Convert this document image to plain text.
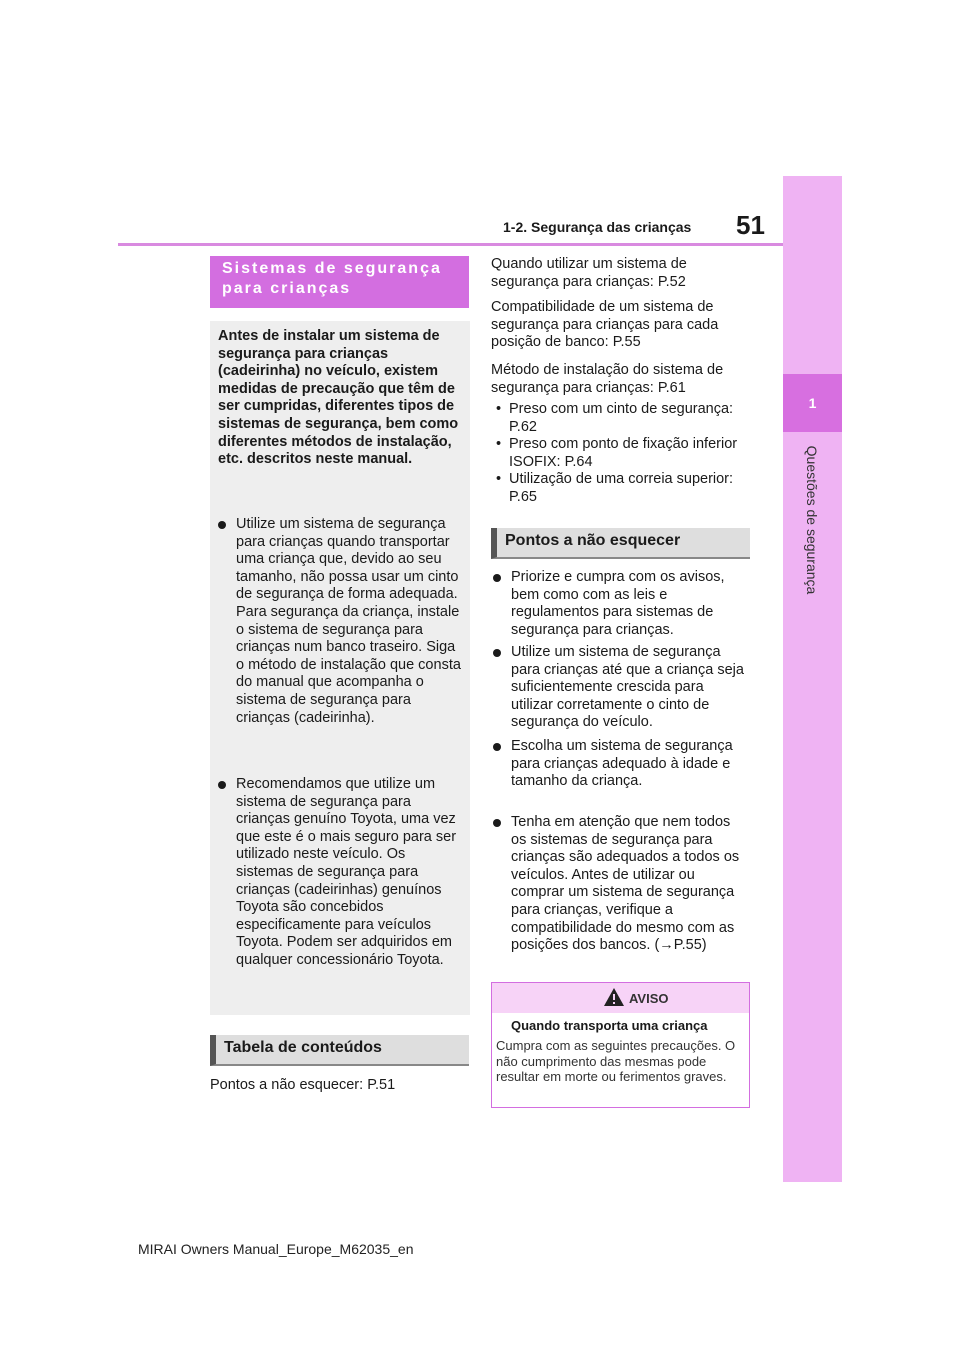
51
1-2. Segurança das crianças
1
Questões de segurança
Sistemas de segurança para crianças
Antes de instalar um sistema de segurança para crianças (cadeirinha) no veículo, existem medidas de precaução que têm de ser cumpridas, diferentes tipos de sistemas de segurança, bem como diferentes métodos de instalação, etc. descritos neste manual.
Utilize um sistema de segurança para crianças quando transportar uma criança que, devido ao seu tamanho, não possa usar um cinto de segurança de forma adequada. Para segurança da criança, instale o sistema de segurança para crianças num banco traseiro. Siga o método de instalação que consta do manual que acompanha o sistema de segurança para crianças (cadeirinha).
Recomendamos que utilize um sistema de segurança para crianças genuíno Toyota, uma vez que este é o mais seguro para ser utilizado neste veículo. Os sistemas de segurança para crianças (cadeirinhas) genuínos Toyota são concebidos especificamente para veículos Toyota. Podem ser adquiridos em qualquer concessionário Toyota.
Tabela de conteúdos
Pontos a não esquecer: P.51
Quando utilizar um sistema de segurança para crianças: P.52
Compatibilidade de um sistema de segurança para crianças para cada posição de banco: P.55
Método de instalação do sistema de segurança para crianças: P.61
• Preso com um cinto de segurança: P.62
• Preso com ponto de fixação inferior ISOFIX: P.64
• Utilização de uma correia superior: P.65
Pontos a não esquecer
Priorize e cumpra com os avisos, bem como com as leis e regulamentos para sistemas de segurança para crianças.
Utilize um sistema de segurança para crianças até que a criança seja suficientemente crescida para utilizar corretamente o cinto de segurança do veículo.
Escolha um sistema de segurança para crianças adequado à idade e tamanho da criança.
Tenha em atenção que nem todos os sistemas de segurança para crianças são adequados a todos os veículos. Antes de utilizar ou comprar um sistema de segurança para crianças, verifique a compatibilidade do mesmo com as posições dos bancos. (→P.55)
AVISO
Quando transporta uma criança
Cumpra com as seguintes precauções. O não cumprimento das mesmas pode resultar em morte ou ferimentos graves.
MIRAI Owners Manual_Europe_M62035_en
